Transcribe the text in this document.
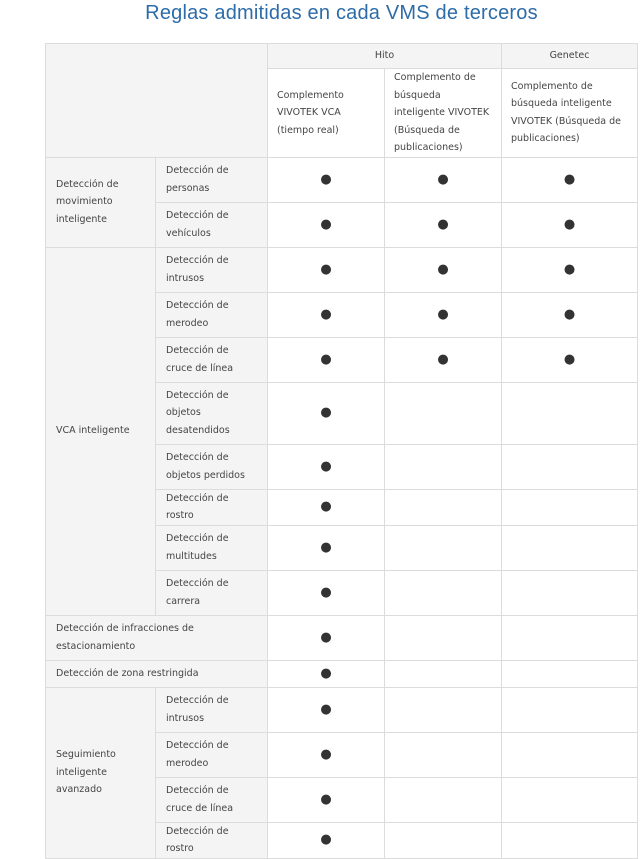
Reglas admitidas en cada VMS de terceros
		Hito		Genetec
		Complemento VIVOTEK VCA (tiempo real)	Complemento de búsqueda inteligente VIVOTEK (Búsqueda de publicaciones)	Complemento de búsqueda inteligente VIVOTEK (Búsqueda de publicaciones)
Detección de movimiento inteligente	Detección de personas	●	●	●
	Detección de vehículos	●	●	●
VCA inteligente	Detección de intrusos	●	●	●
	Detección de merodeo	●	●	●
	Detección de cruce de línea	●	●	●
	Detección de objetos desatendidos	●		
	Detección de objetos perdidos	●		
	Detección de rostro	●		
	Detección de multitudes	●		
	Detección de carrera	●		
Detección de infracciones de estacionamiento		●		
Detección de zona restringida		●		
Seguimiento inteligente avanzado	Detección de intrusos	●		
	Detección de merodeo	●		
	Detección de cruce de línea	●		
	Detección de rostro	●		
